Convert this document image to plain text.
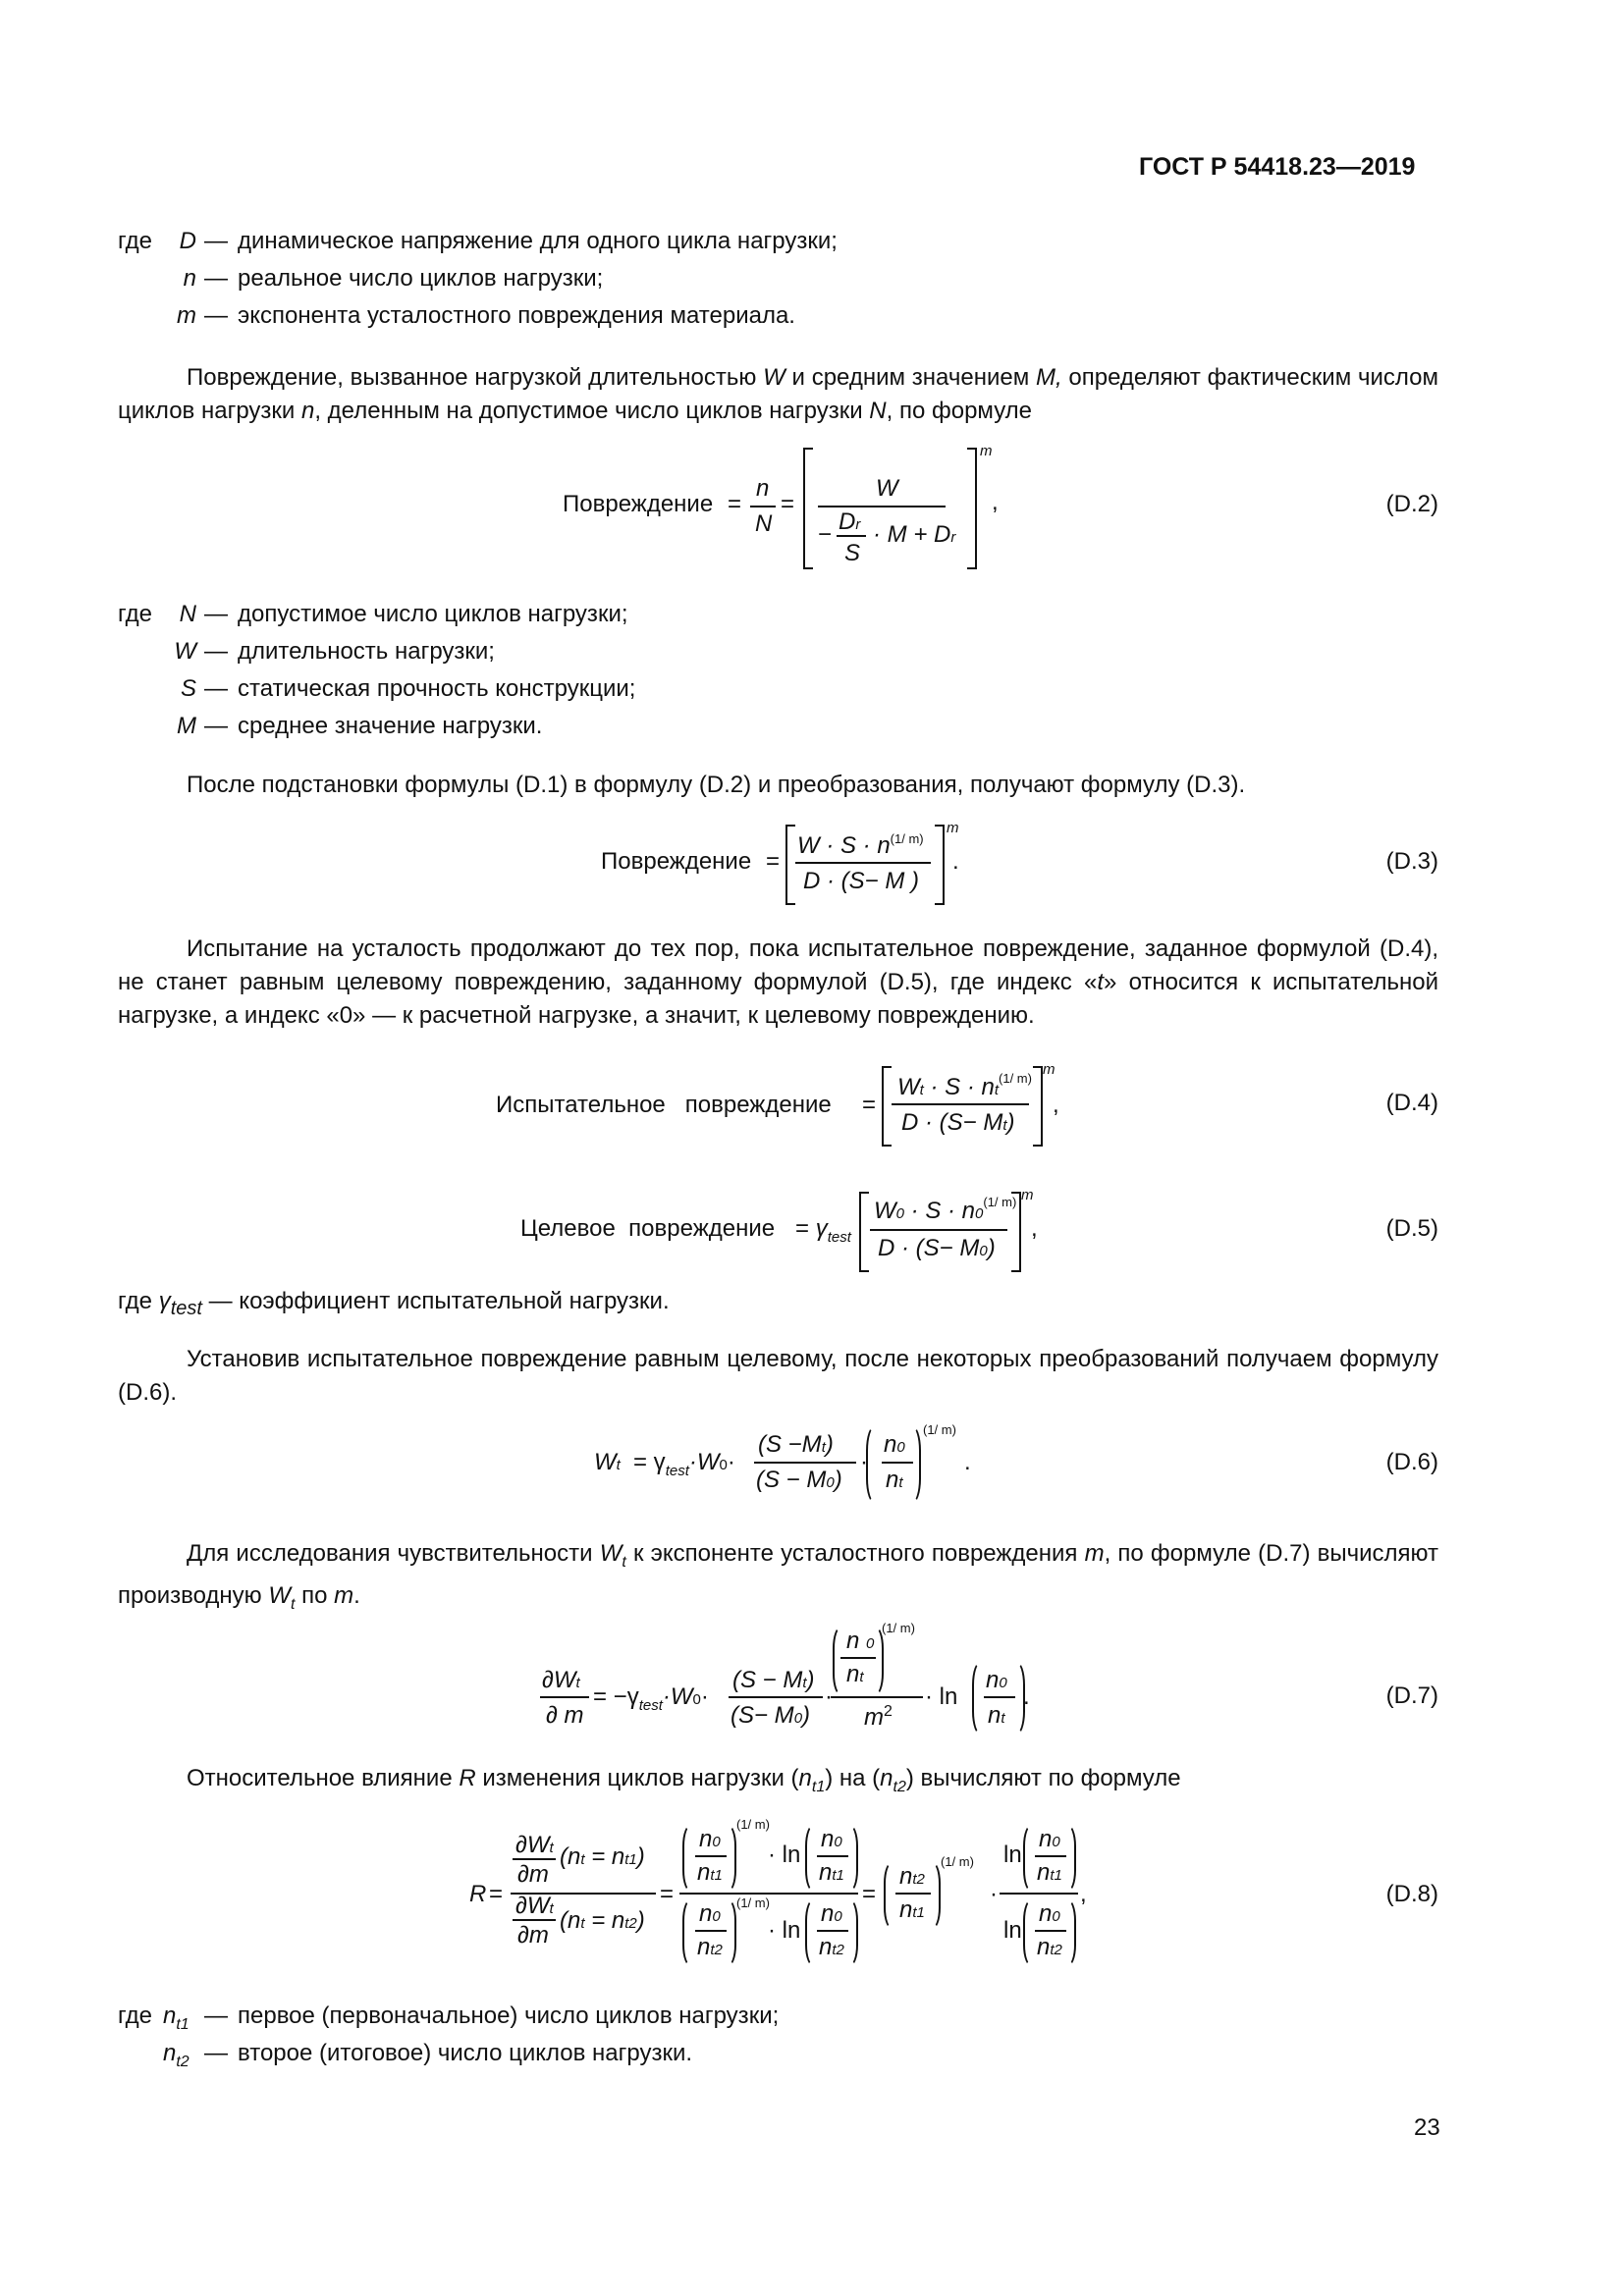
ГОСТ Р 54418.23—2019
где	D — динамическое напряжение для одного цикла нагрузки;
n — реальное число циклов нагрузки;
m — экспонента усталостного повреждения материала.
Повреждение, вызванное нагрузкой длительностью W и средним значением M, определяют фактическим числом циклов нагрузки n, деленным на допустимое число циклов нагрузки N, по формуле
Повреждение =
n
N
=
W
− Dr
S
· M + Dr
m
,	(D.2)
где	N — допустимое число циклов нагрузки;
W — длительность нагрузки;
S — статическая прочность конструкции;
M — среднее значение нагрузки.
После подстановки формулы (D.1) в формулу (D.2) и преобразования, получают формулу (D.3).
Повреждение =
$W \cdot S \cdot n^{(1/ m)}$
D · (S− M )
m
.	(D.3)
Испытание на усталость продолжают до тех пор, пока испытательное повреждение, заданное формулой (D.4), не станет равным целевому повреждению, заданному формулой (D.5), где индекс «t» относится к испытательной нагрузке, а индекс «0» — к расчетной нагрузке, а значит, к целевому повреждению.
Испытательное   повреждение =
$Wt \cdot S \cdot nt^{(1/ m)}$
D · (S− Mt)
m
,	(D.4)
Целевое  повреждение = $\gamma_{test}$
$W0 \cdot S \cdot n0^{(1/ m)}$
D · (S− M0)
m
,	(D.5)
где $\gamma_{test}$ — коэффициент испытательной нагрузки.
Установив испытательное повреждение равным целевому, после некоторых преобразований получаем формулу (D.6).
$Wt = \gamma_{test}\cdot W0\cdot$
(S −Mt)
(S − M0)
·
n0
nt
(1/ m)
.	(D.6)
Для исследования чувствительности $W_t$ к экспоненте усталостного повреждения m, по формуле (D.7) вычисляют производную $W_t$ по m.
∂Wt
∂ m
= $-\gamma_{test}\cdot W0\cdot$
(S − Mt)
(S− M0)
·
n 0
nt
(1/ m)
$m^2$
· ln
n0
nt
.	(D.7)
Относительное влияние R изменения циклов нагрузки $(n_{t1})$ на $(n_{t2})$ вычисляют по формуле
R =
∂Wt
∂m
(nt = nt1)
∂Wt
∂m
(nt = nt2)
=
n0
nt1
(1/ m)
· ln
n0
nt1
n0
nt2
(1/ m)
· ln
n0
nt2
=
nt2
nt1
(1/ m)
·
ln
n0
nt1
ln
n0
nt2
,	(D.8)
где $n_{t1}$ — первое (первоначальное) число циклов нагрузки;
$n_{t2}$ — второе (итоговое) число циклов нагрузки.
23
